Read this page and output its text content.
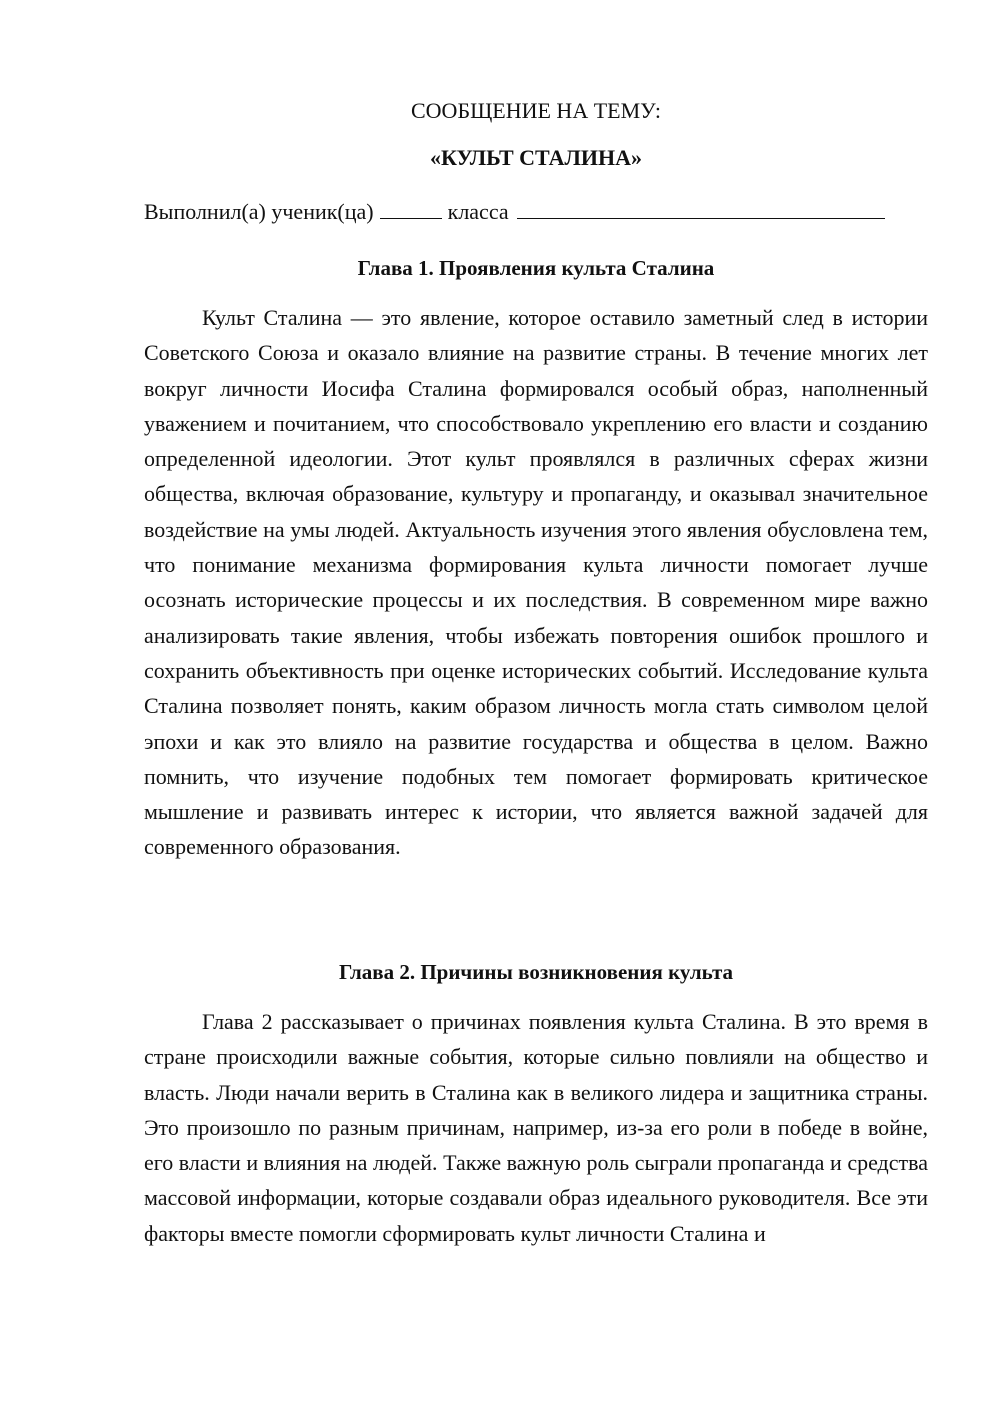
СООБЩЕНИЕ НА ТЕМУ:

«КУЛЬТ СТАЛИНА»

Выполнил(а) ученик(ца)	класса
Глава 1. Проявления культа Сталина

Культ Сталина — это явление, которое оставило заметный след в истории Советского Союза и оказало влияние на развитие страны. В течение многих лет вокруг личности Иосифа Сталина формировался особый образ, наполненный уважением и почитанием, что способствовало укреплению его власти и созданию определенной идеологии. Этот культ проявлялся в различных сферах жизни общества, включая образование, культуру и пропаганду, и оказывал значительное воздействие на умы людей. Актуальность изучения этого явления обусловлена тем, что понимание механизма формирования культа личности помогает лучше осознать исторические процессы и их последствия. В современном мире важно анализировать такие явления, чтобы избежать повторения ошибок прошлого и сохранить объективность при оценке исторических событий. Исследование культа Сталина позволяет понять, каким образом личность могла стать символом целой эпохи и как это влияло на развитие государства и общества в целом. Важно помнить, что изучение подобных тем помогает формировать критическое мышление и развивать интерес к истории, что является важной задачей для современного образования.

Глава 2. Причины возникновения культа

Глава 2 рассказывает о причинах появления культа Сталина. В это время в стране происходили важные события, которые сильно повлияли на общество и власть. Люди начали верить в Сталина как в великого лидера и защитника страны. Это произошло по разным причинам, например, из-за его роли в победе в войне, его власти и влияния на людей. Также важную роль сыграли пропаганда и средства массовой информации, которые создавали образ идеального руководителя. Все эти факторы вместе помогли сформировать культ личности Сталина и
